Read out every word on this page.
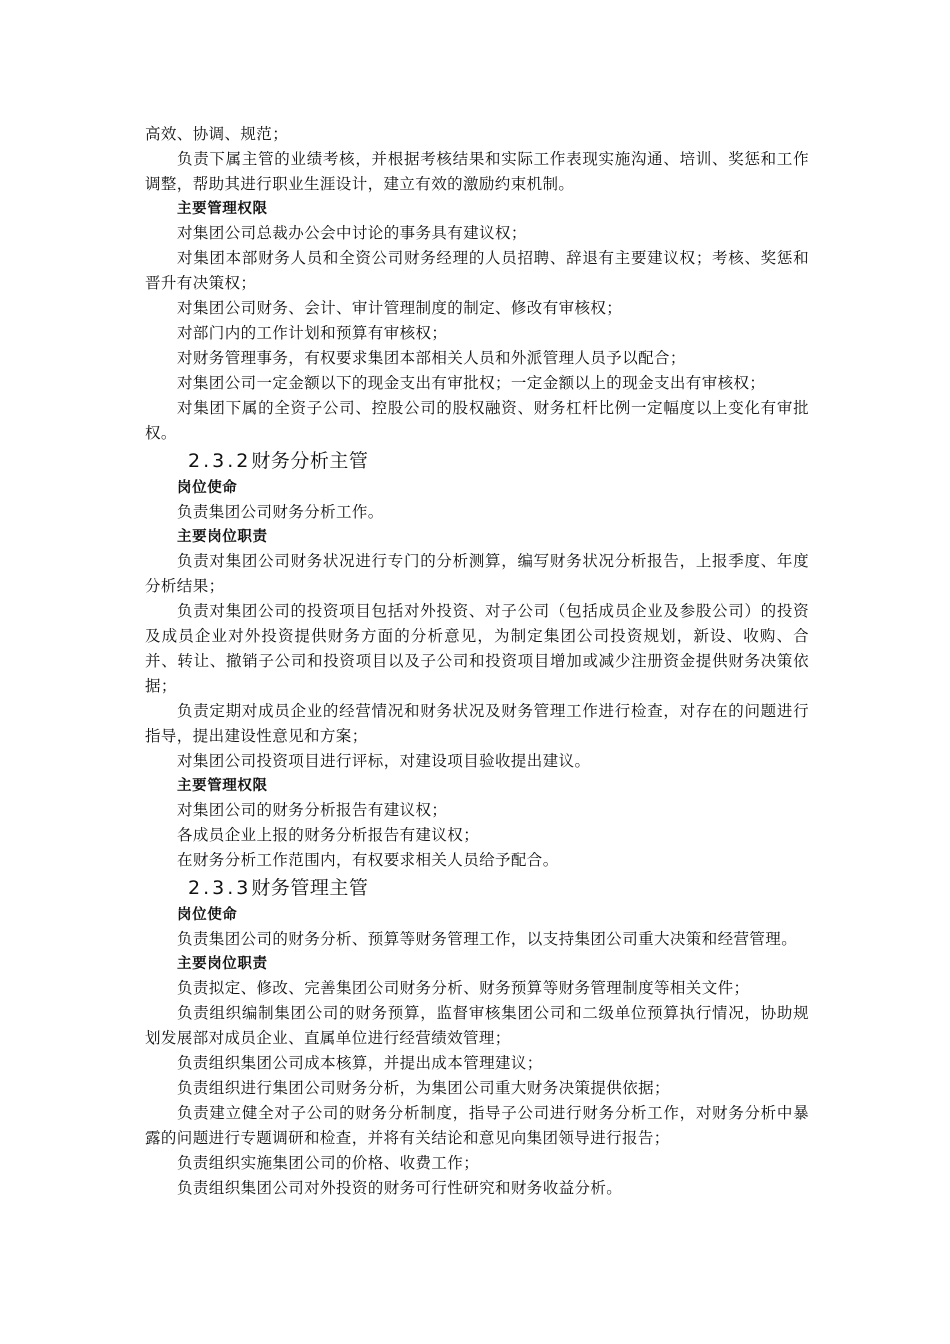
高效、协调、规范；

负责下属主管的业绩考核，并根据考核结果和实际工作表现实施沟通、培训、奖惩和工作调整，帮助其进行职业生涯设计，建立有效的激励约束机制。

主要管理权限

对集团公司总裁办公会中讨论的事务具有建议权；

对集团本部财务人员和全资公司财务经理的人员招聘、辞退有主要建议权；考核、奖惩和晋升有决策权；

对集团公司财务、会计、审计管理制度的制定、修改有审核权；

对部门内的工作计划和预算有审核权；

对财务管理事务，有权要求集团本部相关人员和外派管理人员予以配合；

对集团公司一定金额以下的现金支出有审批权；一定金额以上的现金支出有审核权；

对集团下属的全资子公司、控股公司的股权融资、财务杠杆比例一定幅度以上变化有审批权。

2.3.2财务分析主管

岗位使命

负责集团公司财务分析工作。

主要岗位职责

负责对集团公司财务状况进行专门的分析测算，编写财务状况分析报告，上报季度、年度分析结果；

负责对集团公司的投资项目包括对外投资、对子公司（包括成员企业及参股公司）的投资及成员企业对外投资提供财务方面的分析意见，为制定集团公司投资规划，新设、收购、合并、转让、撤销子公司和投资项目以及子公司和投资项目增加或减少注册资金提供财务决策依据；

负责定期对成员企业的经营情况和财务状况及财务管理工作进行检查，对存在的问题进行指导，提出建设性意见和方案；

对集团公司投资项目进行评标，对建设项目验收提出建议。

主要管理权限

对集团公司的财务分析报告有建议权；

各成员企业上报的财务分析报告有建议权；

在财务分析工作范围内，有权要求相关人员给予配合。

2.3.3财务管理主管

岗位使命

负责集团公司的财务分析、预算等财务管理工作，以支持集团公司重大决策和经营管理。

主要岗位职责

负责拟定、修改、完善集团公司财务分析、财务预算等财务管理制度等相关文件；

负责组织编制集团公司的财务预算，监督审核集团公司和二级单位预算执行情况，协助规划发展部对成员企业、直属单位进行经营绩效管理；

负责组织集团公司成本核算，并提出成本管理建议；

负责组织进行集团公司财务分析，为集团公司重大财务决策提供依据；

负责建立健全对子公司的财务分析制度，指导子公司进行财务分析工作，对财务分析中暴露的问题进行专题调研和检查，并将有关结论和意见向集团领导进行报告；

负责组织实施集团公司的价格、收费工作；

负责组织集团公司对外投资的财务可行性研究和财务收益分析。
